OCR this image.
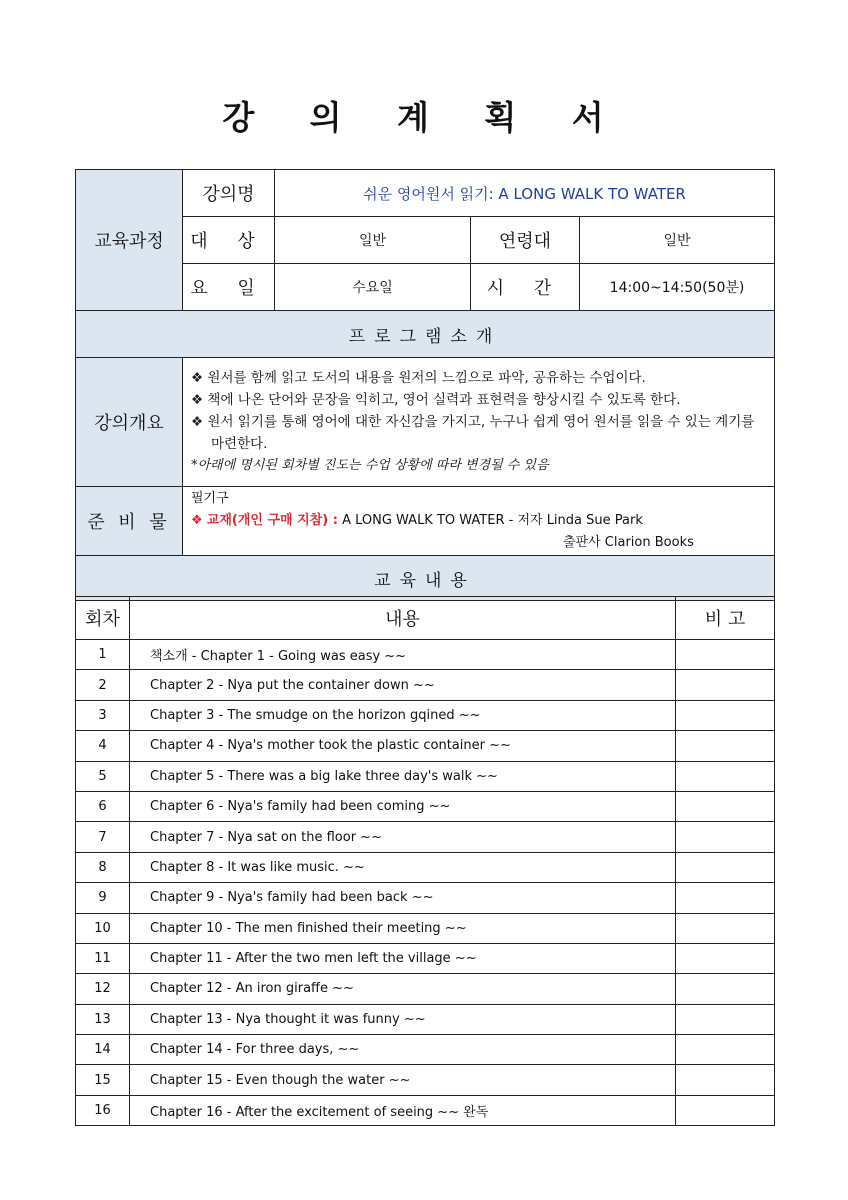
강 의 계 획 서
교육과정	강의명	쉬운 영어원서 읽기: A LONG WALK TO WATER		
	대 상	일반	연령대	일반
	요 일	수요일	시 간	14:00~14:50(50분)
프로그램소개				
강의개요	❖ 원서를 함께 읽고 도서의 내용을 원저의 느낌으로 파악, 공유하는 수업이다.
❖ 책에 나온 단어와 문장을 익히고, 영어 실력과 표현력을 향상시킬 수 있도록 한다.
❖ 원서 읽기를 통해 영어에 대한 자신감을 가지고, 누구나 쉽게 영어 원서를 읽을 수 있는 계기를 마련한다.
*아래에 명시된 회차별 진도는 수업 상황에 따라 변경될 수 있음			

준 비 물	필기구
❖ 교재(개인 구매 지참) : A LONG WALK TO WATER - 저자 Linda Sue Park
출판사 Clarion Books			

교육내용				
회차	내용	비 고
1	책소개 - Chapter 1 - Going was easy ~~	
2	Chapter 2 - Nya put the container down ~~	
3	Chapter 3 - The smudge on the horizon gqined ~~	
4	Chapter 4 - Nya's mother took the plastic container ~~	
5	Chapter 5 - There was a big lake three day's walk ~~	
6	Chapter 6 - Nya's family had been coming ~~	
7	Chapter 7 - Nya sat on the floor ~~	
8	Chapter 8 - It was like music. ~~	
9	Chapter 9 - Nya's family had been back ~~	
10	Chapter 10 - The men finished their meeting ~~	
11	Chapter 11 - After the two men left the village ~~	
12	Chapter 12 - An iron giraffe ~~	
13	Chapter 13 - Nya thought it was funny ~~	
14	Chapter 14 - For three days, ~~	
15	Chapter 15 - Even though the water ~~	
16	Chapter 16 - After the excitement of seeing ~~ 완독	
